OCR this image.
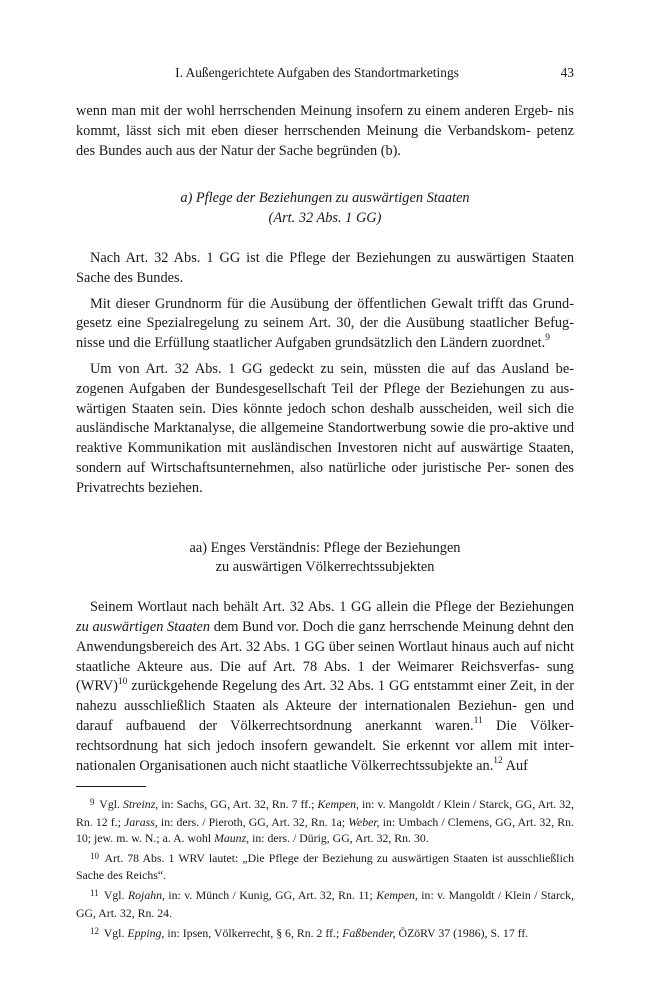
I. Außengerichtete Aufgaben des Standortmarketings	43

wenn man mit der wohl herrschenden Meinung insofern zu einem anderen Ergeb- nis kommt, lässt sich mit eben dieser herrschenden Meinung die Verbandskom- petenz des Bundes auch aus der Natur der Sache begründen (b).

a) Pflege der Beziehungen zu auswärtigen Staaten
(Art. 32 Abs. 1 GG)

Nach Art. 32 Abs. 1 GG ist die Pflege der Beziehungen zu auswärtigen Staaten Sache des Bundes.

Mit dieser Grundnorm für die Ausübung der öffentlichen Gewalt trifft das Grund- gesetz eine Spezialregelung zu seinem Art. 30, der die Ausübung staatlicher Befug- nisse und die Erfüllung staatlicher Aufgaben grundsätzlich den Ländern zuordnet.$^9$

Um von Art. 32 Abs. 1 GG gedeckt zu sein, müssten die auf das Ausland be- zogenen Aufgaben der Bundesgesellschaft Teil der Pflege der Beziehungen zu aus- wärtigen Staaten sein. Dies könnte jedoch schon deshalb ausscheiden, weil sich die ausländische Marktanalyse, die allgemeine Standortwerbung sowie die pro-aktive und reaktive Kommunikation mit ausländischen Investoren nicht auf auswärtige Staaten, sondern auf Wirtschaftsunternehmen, also natürliche oder juristische Per- sonen des Privatrechts beziehen.

aa) Enges Verständnis: Pflege der Beziehungen
zu auswärtigen Völkerrechtssubjekten

Seinem Wortlaut nach behält Art. 32 Abs. 1 GG allein die Pflege der Beziehungen zu auswärtigen Staaten dem Bund vor. Doch die ganz herrschende Meinung dehnt den Anwendungsbereich des Art. 32 Abs. 1 GG über seinen Wortlaut hinaus auch auf nicht staatliche Akteure aus. Die auf Art. 78 Abs. 1 der Weimarer Reichsverfas- sung (WRV)$^{10}$ zurückgehende Regelung des Art. 32 Abs. 1 GG entstammt einer Zeit, in der nahezu ausschließlich Staaten als Akteure der internationalen Beziehun- gen und darauf aufbauend der Völkerrechtsordnung anerkannt waren.$^{11}$ Die Völker- rechtsordnung hat sich jedoch insofern gewandelt. Sie erkennt vor allem mit inter- nationalen Organisationen auch nicht staatliche Völkerrechtssubjekte an.$^{12}$ Auf

$^9$ Vgl. Streinz, in: Sachs, GG, Art. 32, Rn. 7 ff.; Kempen, in: v. Mangoldt / Klein / Starck, GG, Art. 32, Rn. 12 f.; Jarass, in: ders. / Pieroth, GG, Art. 32, Rn. 1a; Weber, in: Umbach / Clemens, GG, Art. 32, Rn. 10; jew. m. w. N.; a. A. wohl Maunz, in: ders. / Dürig, GG, Art. 32, Rn. 30.

$^{10}$ Art. 78 Abs. 1 WRV lautet: „Die Pflege der Beziehung zu auswärtigen Staaten ist ausschließlich Sache des Reichs“.

$^{11}$ Vgl. Rojahn, in: v. Münch / Kunig, GG, Art. 32, Rn. 11; Kempen, in: v. Mangoldt / Klein / Starck, GG, Art. 32, Rn. 24.

$^{12}$ Vgl. Epping, in: Ipsen, Völkerrecht, § 6, Rn. 2 ff.; Faßbender, ÖZöRV 37 (1986), S. 17 ff.
